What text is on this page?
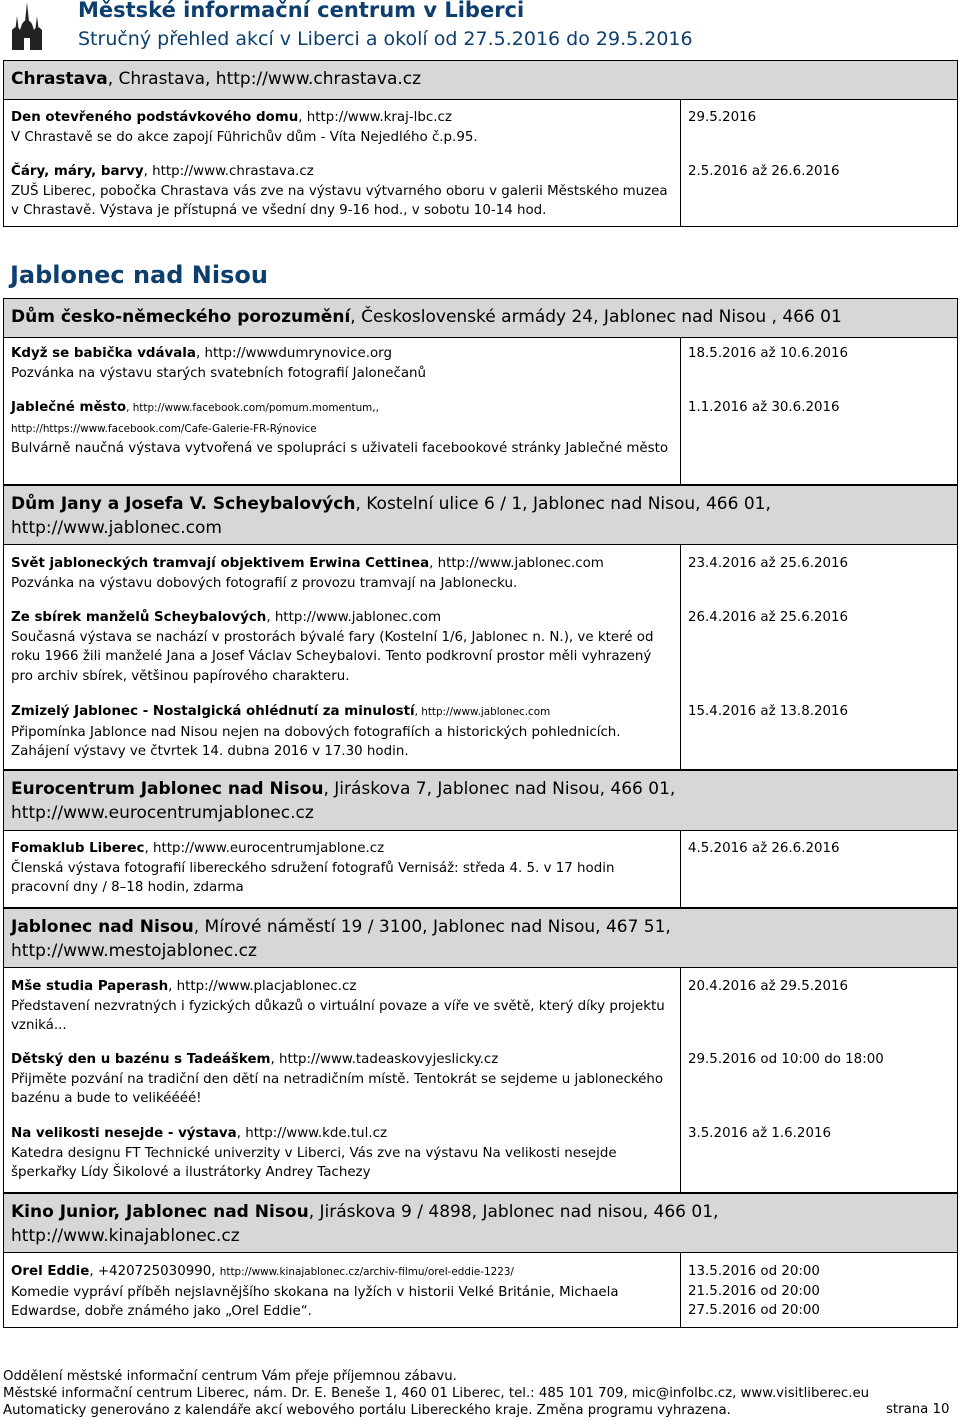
Městské informační centrum v Liberci
Stručný přehled akcí v Liberci a okolí od 27.5.2016 do 29.5.2016
Chrastava, Chrastava, http://www.chrastava.cz
Den otevřeného podstávkového domu, http://www.kraj-lbc.cz
V Chrastavě se do akce zapojí Führichův dům - Víta Nejedlého č.p.95.
29.5.2016
Čáry, máry, barvy, http://www.chrastava.cz
ZUŠ Liberec, pobočka Chrastava vás zve na výstavu výtvarného oboru v galerii Městského muzea v Chrastavě. Výstava je přístupná ve všední dny 9-16 hod., v sobotu 10-14 hod.
2.5.2016 až 26.6.2016
Jablonec nad Nisou
Dům česko-německého porozumění, Československé armády 24, Jablonec nad Nisou , 466 01
Když se babička vdávala, http://wwwdumrynovice.org
Pozvánka na výstavu starých svatebních fotografií Jalonečanů
18.5.2016 až 10.6.2016
Jablečné město, http://www.facebook.com/pomum.momentum,,
http://https://www.facebook.com/Cafe-Galerie-FR-Rýnovice
Bulvárně naučná výstava vytvořená ve spolupráci s uživateli facebookové stránky Jablečné město
1.1.2016 až 30.6.2016
Dům Jany a Josefa V. Scheybalových, Kostelní ulice 6 / 1, Jablonec nad Nisou, 466 01,
http://www.jablonec.com
Svět jabloneckých tramvají objektivem Erwina Cettinea, http://www.jablonec.com
Pozvánka na výstavu dobových fotografií z provozu tramvají na Jablonecku.
23.4.2016 až 25.6.2016
Ze sbírek manželů Scheybalových, http://www.jablonec.com
Současná výstava se nachází v prostorách bývalé fary (Kostelní 1/6, Jablonec n. N.), ve které od roku 1966 žili manželé Jana a Josef Václav Scheybalovi. Tento podkrovní prostor měli vyhrazený pro archiv sbírek, většinou papírového charakteru.
26.4.2016 až 25.6.2016
Zmizelý Jablonec - Nostalgická ohlédnutí za minulostí, http://www.jablonec.com
Připomínka Jablonce nad Nisou nejen na dobových fotografiích a historických pohlednicích. Zahájení výstavy ve čtvrtek 14. dubna 2016 v 17.30 hodin.
15.4.2016 až 13.8.2016
Eurocentrum Jablonec nad Nisou, Jiráskova 7, Jablonec nad Nisou, 466 01,
http://www.eurocentrumjablonec.cz
Fomaklub Liberec, http://www.eurocentrumjablone.cz
Členská výstava fotografií libereckého sdružení fotografů Vernisáž: středa 4. 5. v 17 hodin pracovní dny / 8–18 hodin, zdarma
4.5.2016 až 26.6.2016
Jablonec nad Nisou, Mírové náměstí 19 / 3100, Jablonec nad Nisou, 467 51,
http://www.mestojablonec.cz
Mše studia Paperash, http://www.placjablonec.cz
Představení nezvratných i fyzických důkazů o virtuální povaze a víře ve světě, který díky projektu vzniká...
20.4.2016 až 29.5.2016
Dětský den u bazénu s Tadeáškem, http://www.tadeaskovyjeslicky.cz
Přijměte pozvání na tradiční den dětí na netradičním místě. Tentokrát se sejdeme u jabloneckého bazénu a bude to velikéééé!
29.5.2016 od 10:00 do 18:00
Na velikosti nesejde - výstava, http://www.kde.tul.cz
Katedra designu FT Technické univerzity v Liberci, Vás zve na výstavu Na velikosti nesejde šperkařky Lídy Šikolové a ilustrátorky Andrey Tachezy
3.5.2016 až 1.6.2016
Kino Junior, Jablonec nad Nisou, Jiráskova 9 / 4898, Jablonec nad nisou, 466 01,
http://www.kinajablonec.cz
Orel Eddie, +420725030990, http://www.kinajablonec.cz/archiv-filmu/orel-eddie-1223/
Komedie vypráví příběh nejslavnějšího skokana na lyžích v historii Velké Británie, Michaela Edwardse, dobře známého jako „Orel Eddie“.
13.5.2016 od 20:00
21.5.2016 od 20:00
27.5.2016 od 20:00
Oddělení městské informační centrum Vám přeje příjemnou zábavu.
Městské informační centrum Liberec, nám. Dr. E. Beneše 1, 460 01 Liberec, tel.: 485 101 709, mic@infolbc.cz, www.visitliberec.eu
Automaticky generováno z kalendáře akcí webového portálu Libereckého kraje. Změna programu vyhrazena.	strana 10
